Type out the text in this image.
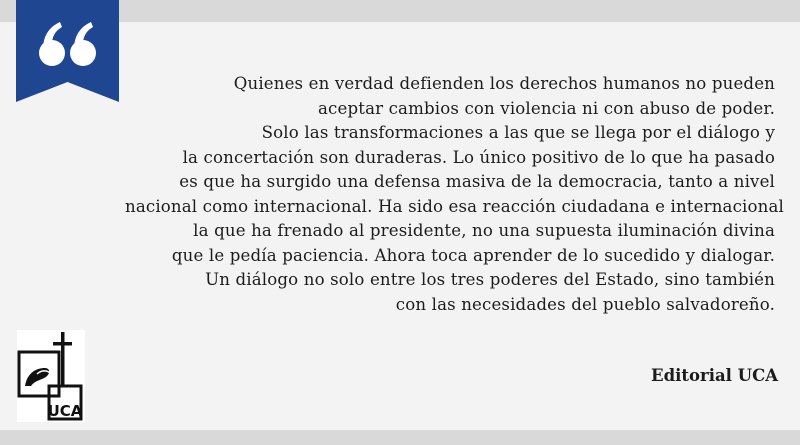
Quienes en verdad defienden los derechos humanos no pueden
aceptar cambios con violencia ni con abuso de poder.
Solo las transformaciones a las que se llega por el diálogo y
la concertación son duraderas. Lo único positivo de lo que ha pasado
es que ha surgido una defensa masiva de la democracia, tanto a nivel
nacional como internacional. Ha sido esa reacción ciudadana e internacional
la que ha frenado al presidente, no una supuesta iluminación divina
que le pedía paciencia. Ahora toca aprender de lo sucedido y dialogar.
Un diálogo no solo entre los tres poderes del Estado, sino también
con las necesidades del pueblo salvadoreño.
Editorial UCA
UCA
